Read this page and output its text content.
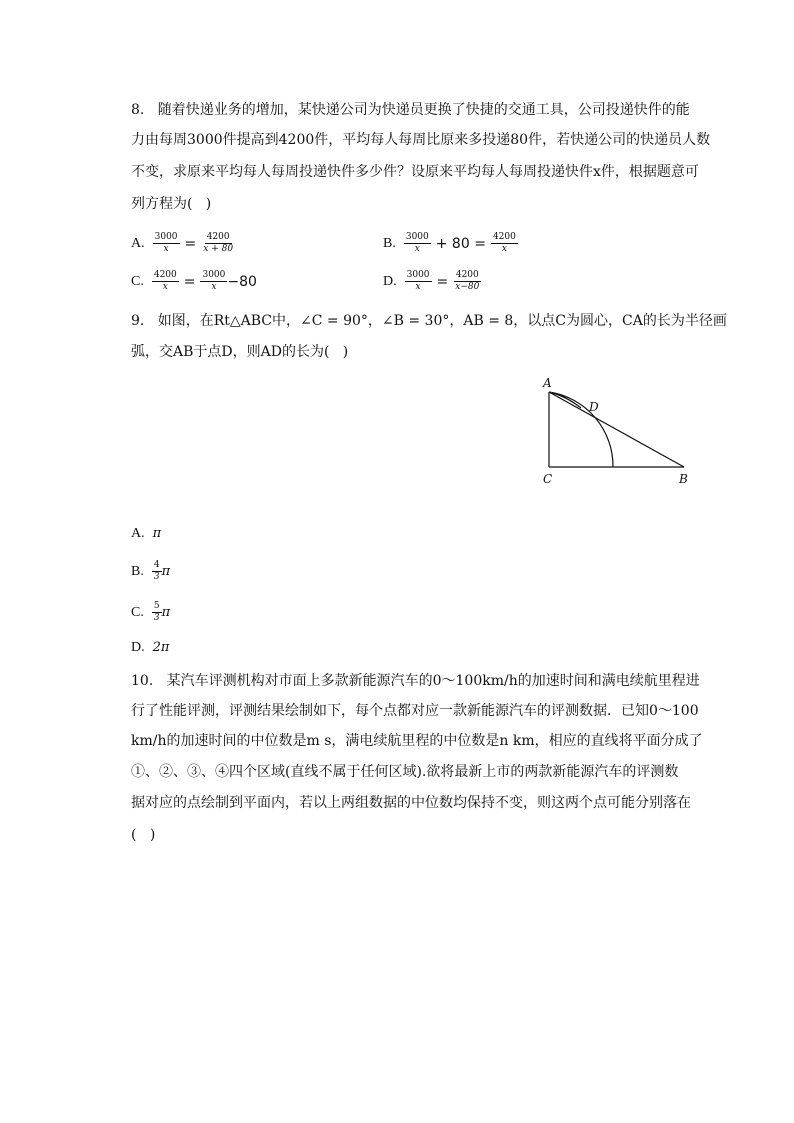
8.   随着快递业务的增加，某快递公司为快递员更换了快捷的交通工具，公司投递快件的能
力由每周3000件提高到4200件，平均每人每周比原来多投递80件，若快递公司的快递员人数
不变，求原来平均每人每周投递快件多少件？设原来平均每人每周投递快件x件，根据题意可
列方程为(   )
A. $\frac{3000}{x} = \frac{4200}{x + 80}$	B. $\frac{3000}{x} + 80 = \frac{4200}{x}$
C. $\frac{4200}{x} = \frac{3000}{x} -80$	D. $\frac{3000}{x} = \frac{4200}{x-80}$
9.   如图，在Rt△ABC中，∠C = 90°，∠B = 30°，AB = 8，以点C为圆心，CA的长为半径画
弧，交AB于点D，则AD的长为(   )
A
D
C	B
A. π
B. $\frac{4}{3}$ π
C. $\frac{5}{3}$ π
D. 2π
10.   某汽车评测机构对市面上多款新能源汽车的0～100km/h的加速时间和满电续航里程进
行了性能评测，评测结果绘制如下，每个点都对应一款新能源汽车的评测数据．已知0～100
km/h的加速时间的中位数是m s，满电续航里程的中位数是n km，相应的直线将平面分成了
①、②、③、④四个区域(直线不属于任何区域).欲将最新上市的两款新能源汽车的评测数
据对应的点绘制到平面内，若以上两组数据的中位数均保持不变，则这两个点可能分别落在
(   )
